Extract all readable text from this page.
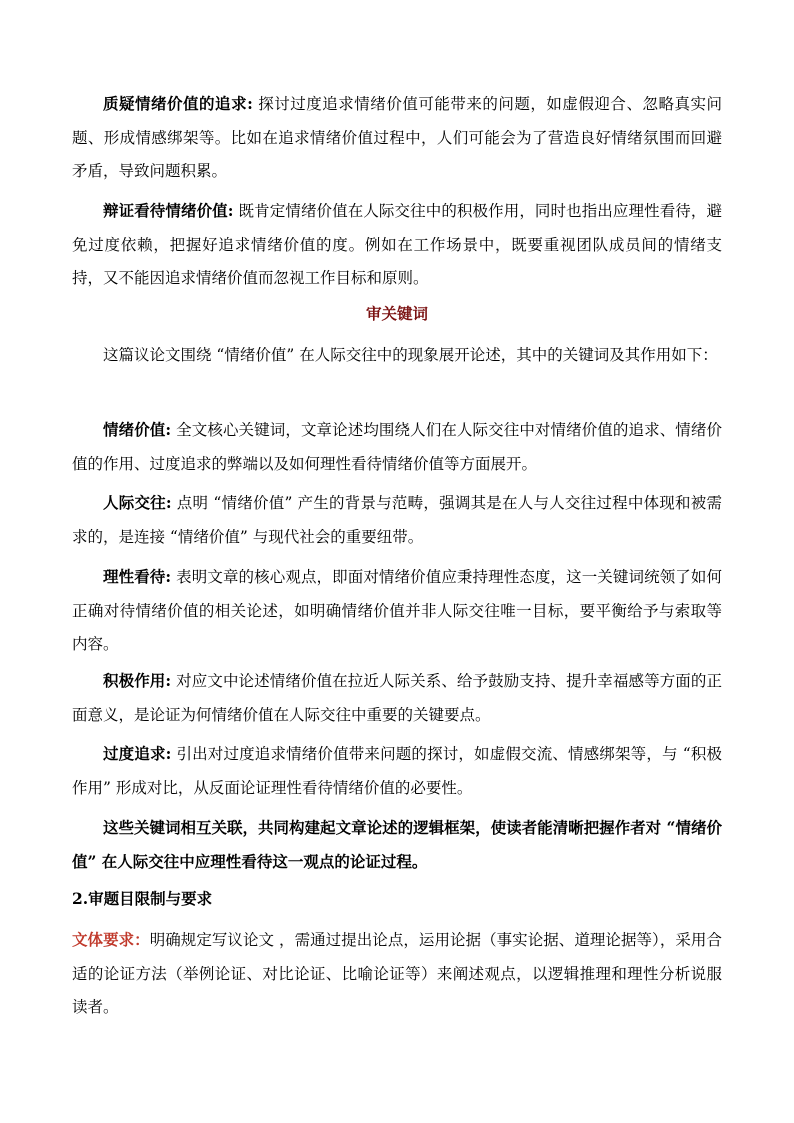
质疑情绪价值的追求: 探讨过度追求情绪价值可能带来的问题，如虚假迎合、忽略真实问题、形成情感绑架等。比如在追求情绪价值过程中，人们可能会为了营造良好情绪氛围而回避矛盾，导致问题积累。

辩证看待情绪价值: 既肯定情绪价值在人际交往中的积极作用，同时也指出应理性看待，避免过度依赖，把握好追求情绪价值的度。例如在工作场景中，既要重视团队成员间的情绪支持，又不能因追求情绪价值而忽视工作目标和原则。

审关键词

这篇议论文围绕 “情绪价值” 在人际交往中的现象展开论述，其中的关键词及其作用如下：

情绪价值: 全文核心关键词，文章论述均围绕人们在人际交往中对情绪价值的追求、情绪价值的作用、过度追求的弊端以及如何理性看待情绪价值等方面展开。

人际交往: 点明 “情绪价值” 产生的背景与范畴，强调其是在人与人交往过程中体现和被需求的，是连接 “情绪价值” 与现代社会的重要纽带。

理性看待: 表明文章的核心观点，即面对情绪价值应秉持理性态度，这一关键词统领了如何正确对待情绪价值的相关论述，如明确情绪价值并非人际交往唯一目标，要平衡给予与索取等内容。

积极作用: 对应文中论述情绪价值在拉近人际关系、给予鼓励支持、提升幸福感等方面的正面意义，是论证为何情绪价值在人际交往中重要的关键要点。

过度追求: 引出对过度追求情绪价值带来问题的探讨，如虚假交流、情感绑架等，与 “积极作用” 形成对比，从反面论证理性看待情绪价值的必要性。

这些关键词相互关联，共同构建起文章论述的逻辑框架，使读者能清晰把握作者对 “情绪价值” 在人际交往中应理性看待这一观点的论证过程。

2.审题目限制与要求

文体要求：明确规定写议论文 ，需通过提出论点，运用论据（事实论据、道理论据等），采用合适的论证方法（举例论证、对比论证、比喻论证等）来阐述观点，以逻辑推理和理性分析说服读者。
